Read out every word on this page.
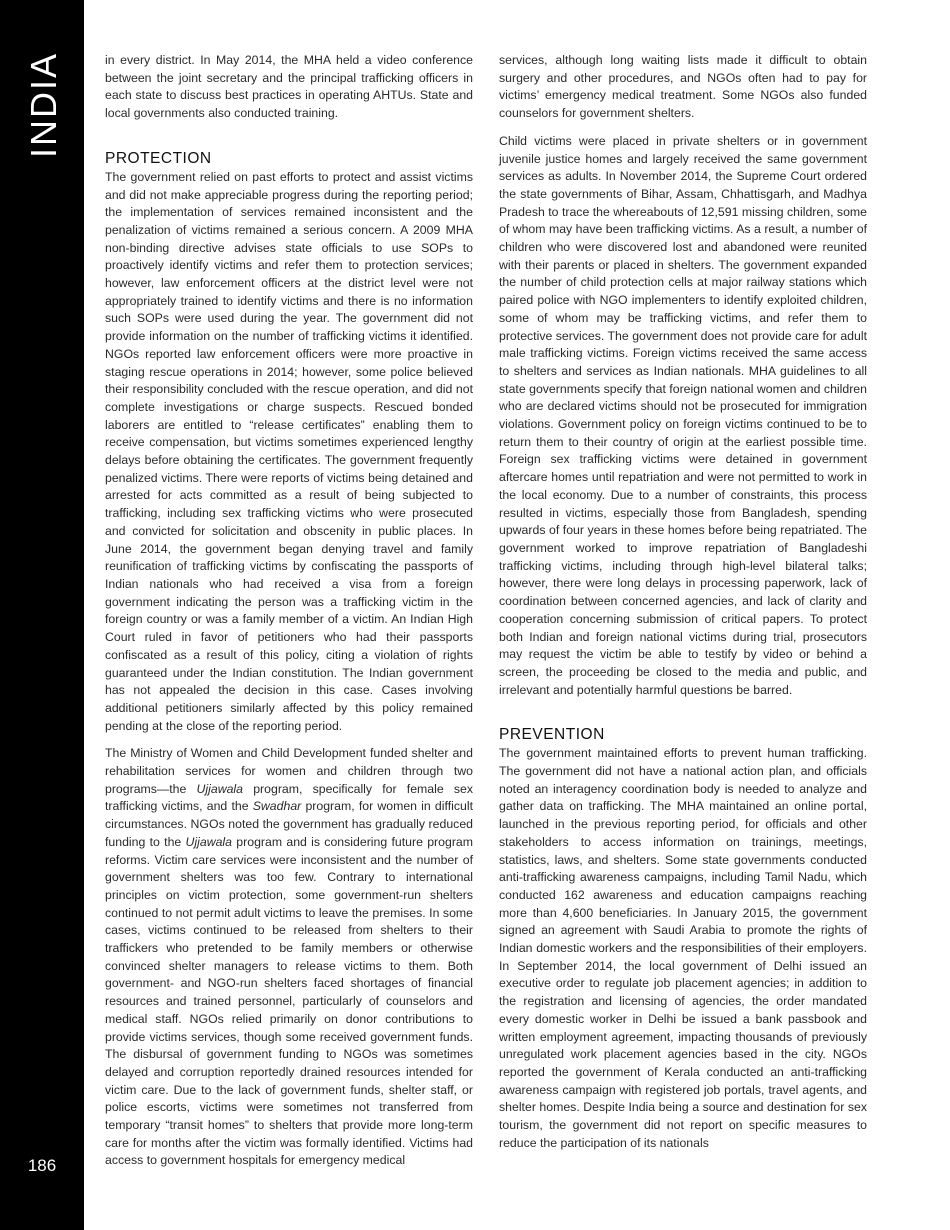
INDIA
186

in every district. In May 2014, the MHA held a video conference between the joint secretary and the principal trafficking officers in each state to discuss best practices in operating AHTUs. State and local governments also conducted training.

PROTECTION

The government relied on past efforts to protect and assist victims and did not make appreciable progress during the reporting period; the implementation of services remained inconsistent and the penalization of victims remained a serious concern. A 2009 MHA non-binding directive advises state officials to use SOPs to proactively identify victims and refer them to protection services; however, law enforcement officers at the district level were not appropriately trained to identify victims and there is no information such SOPs were used during the year. The government did not provide information on the number of trafficking victims it identified. NGOs reported law enforcement officers were more proactive in staging rescue operations in 2014; however, some police believed their responsibility concluded with the rescue operation, and did not complete investigations or charge suspects. Rescued bonded laborers are entitled to “release certificates” enabling them to receive compensation, but victims sometimes experienced lengthy delays before obtaining the certificates. The government frequently penalized victims. There were reports of victims being detained and arrested for acts committed as a result of being subjected to trafficking, including sex trafficking victims who were prosecuted and convicted for solicitation and obscenity in public places. In June 2014, the government began denying travel and family reunification of trafficking victims by confiscating the passports of Indian nationals who had received a visa from a foreign government indicating the person was a trafficking victim in the foreign country or was a family member of a victim. An Indian High Court ruled in favor of petitioners who had their passports confiscated as a result of this policy, citing a violation of rights guaranteed under the Indian constitution. The Indian government has not appealed the decision in this case. Cases involving additional petitioners similarly affected by this policy remained pending at the close of the reporting period.

The Ministry of Women and Child Development funded shelter and rehabilitation services for women and children through two programs—the Ujjawala program, specifically for female sex trafficking victims, and the Swadhar program, for women in difficult circumstances. NGOs noted the government has gradually reduced funding to the Ujjawala program and is considering future program reforms. Victim care services were inconsistent and the number of government shelters was too few. Contrary to international principles on victim protection, some government-run shelters continued to not permit adult victims to leave the premises. In some cases, victims continued to be released from shelters to their traffickers who pretended to be family members or otherwise convinced shelter managers to release victims to them. Both government- and NGO-run shelters faced shortages of financial resources and trained personnel, particularly of counselors and medical staff. NGOs relied primarily on donor contributions to provide victims services, though some received government funds. The disbursal of government funding to NGOs was sometimes delayed and corruption reportedly drained resources intended for victim care. Due to the lack of government funds, shelter staff, or police escorts, victims were sometimes not transferred from temporary “transit homes” to shelters that provide more long-term care for months after the victim was formally identified. Victims had access to government hospitals for emergency medical

services, although long waiting lists made it difficult to obtain surgery and other procedures, and NGOs often had to pay for victims’ emergency medical treatment. Some NGOs also funded counselors for government shelters.

Child victims were placed in private shelters or in government juvenile justice homes and largely received the same government services as adults. In November 2014, the Supreme Court ordered the state governments of Bihar, Assam, Chhattisgarh, and Madhya Pradesh to trace the whereabouts of 12,591 missing children, some of whom may have been trafficking victims. As a result, a number of children who were discovered lost and abandoned were reunited with their parents or placed in shelters. The government expanded the number of child protection cells at major railway stations which paired police with NGO implementers to identify exploited children, some of whom may be trafficking victims, and refer them to protective services. The government does not provide care for adult male trafficking victims. Foreign victims received the same access to shelters and services as Indian nationals. MHA guidelines to all state governments specify that foreign national women and children who are declared victims should not be prosecuted for immigration violations. Government policy on foreign victims continued to be to return them to their country of origin at the earliest possible time. Foreign sex trafficking victims were detained in government aftercare homes until repatriation and were not permitted to work in the local economy. Due to a number of constraints, this process resulted in victims, especially those from Bangladesh, spending upwards of four years in these homes before being repatriated. The government worked to improve repatriation of Bangladeshi trafficking victims, including through high-level bilateral talks; however, there were long delays in processing paperwork, lack of coordination between concerned agencies, and lack of clarity and cooperation concerning submission of critical papers. To protect both Indian and foreign national victims during trial, prosecutors may request the victim be able to testify by video or behind a screen, the proceeding be closed to the media and public, and irrelevant and potentially harmful questions be barred.

PREVENTION

The government maintained efforts to prevent human trafficking. The government did not have a national action plan, and officials noted an interagency coordination body is needed to analyze and gather data on trafficking. The MHA maintained an online portal, launched in the previous reporting period, for officials and other stakeholders to access information on trainings, meetings, statistics, laws, and shelters. Some state governments conducted anti-trafficking awareness campaigns, including Tamil Nadu, which conducted 162 awareness and education campaigns reaching more than 4,600 beneficiaries. In January 2015, the government signed an agreement with Saudi Arabia to promote the rights of Indian domestic workers and the responsibilities of their employers. In September 2014, the local government of Delhi issued an executive order to regulate job placement agencies; in addition to the registration and licensing of agencies, the order mandated every domestic worker in Delhi be issued a bank passbook and written employment agreement, impacting thousands of previously unregulated work placement agencies based in the city. NGOs reported the government of Kerala conducted an anti-trafficking awareness campaign with registered job portals, travel agents, and shelter homes. Despite India being a source and destination for sex tourism, the government did not report on specific measures to reduce the participation of its nationals
